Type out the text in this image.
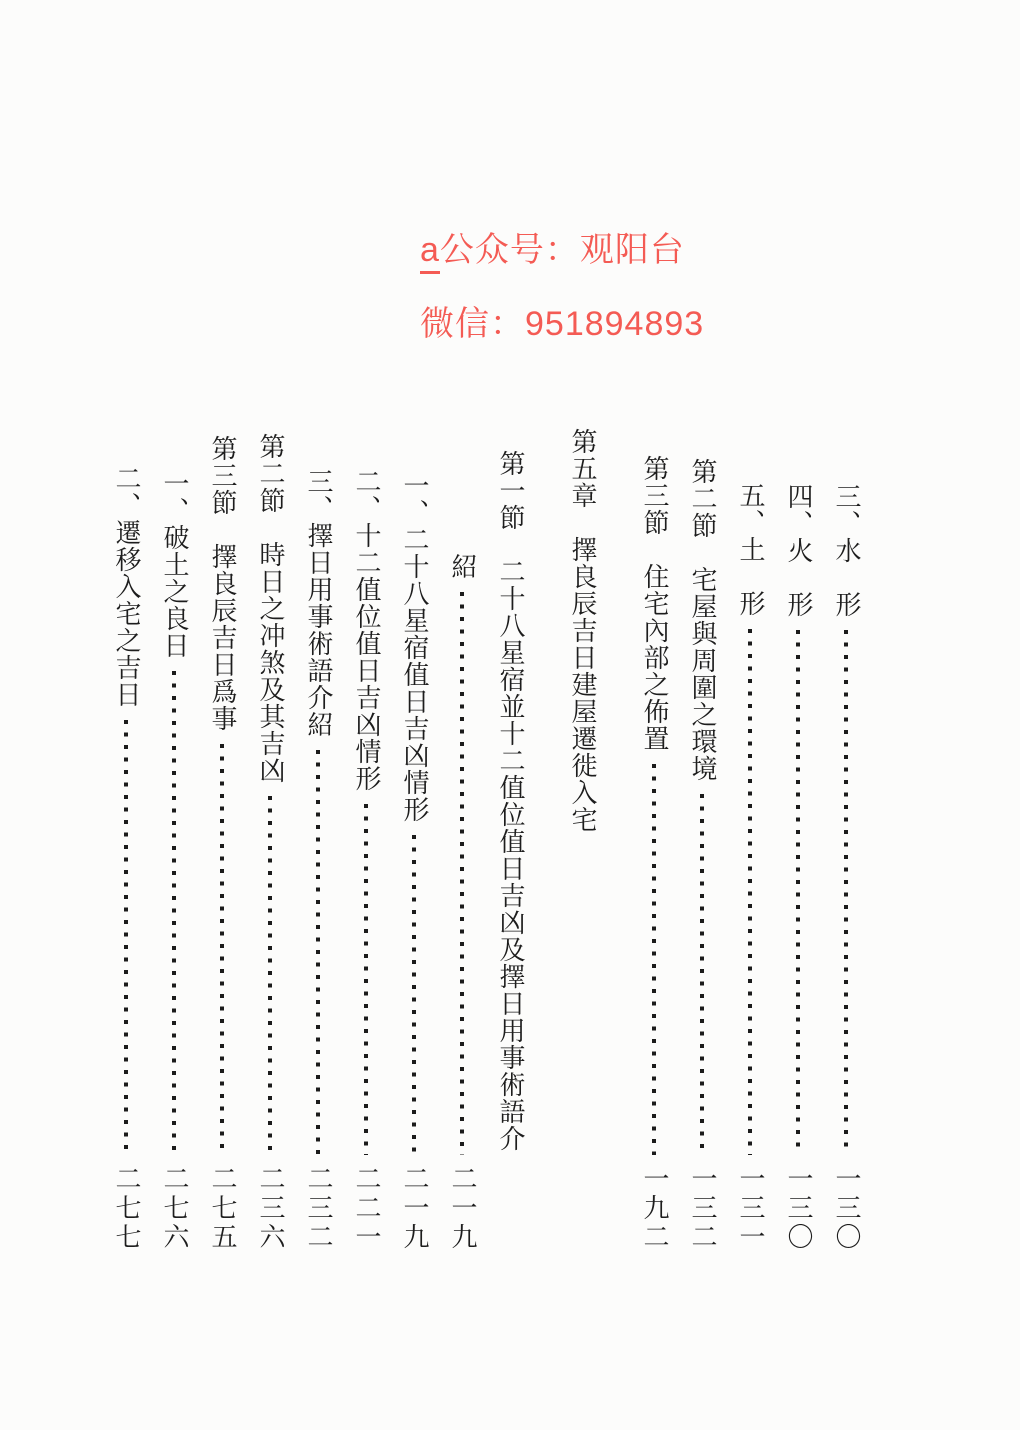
a公众号：观阳台
微信：951894893
三、水　形
一三〇
四、火　形
一三〇
五、土　形
一三一
第二節　宅屋與周圍之環境
一三二
第三節　住宅內部之佈置
一九二
第五章　擇良辰吉日建屋遷徙入宅
第一節　二十八星宿並十二值位值日吉凶及擇日用事術語介
紹
二一九
一、二十八星宿值日吉凶情形
二一九
二、十二值位值日吉凶情形
二二一
三、擇日用事術語介紹
二三二
第二節　時日之冲煞及其吉凶
二三六
第三節　擇良辰吉日爲事
二七五
一、破土之良日
二七六
二、遷移入宅之吉日
二七七
